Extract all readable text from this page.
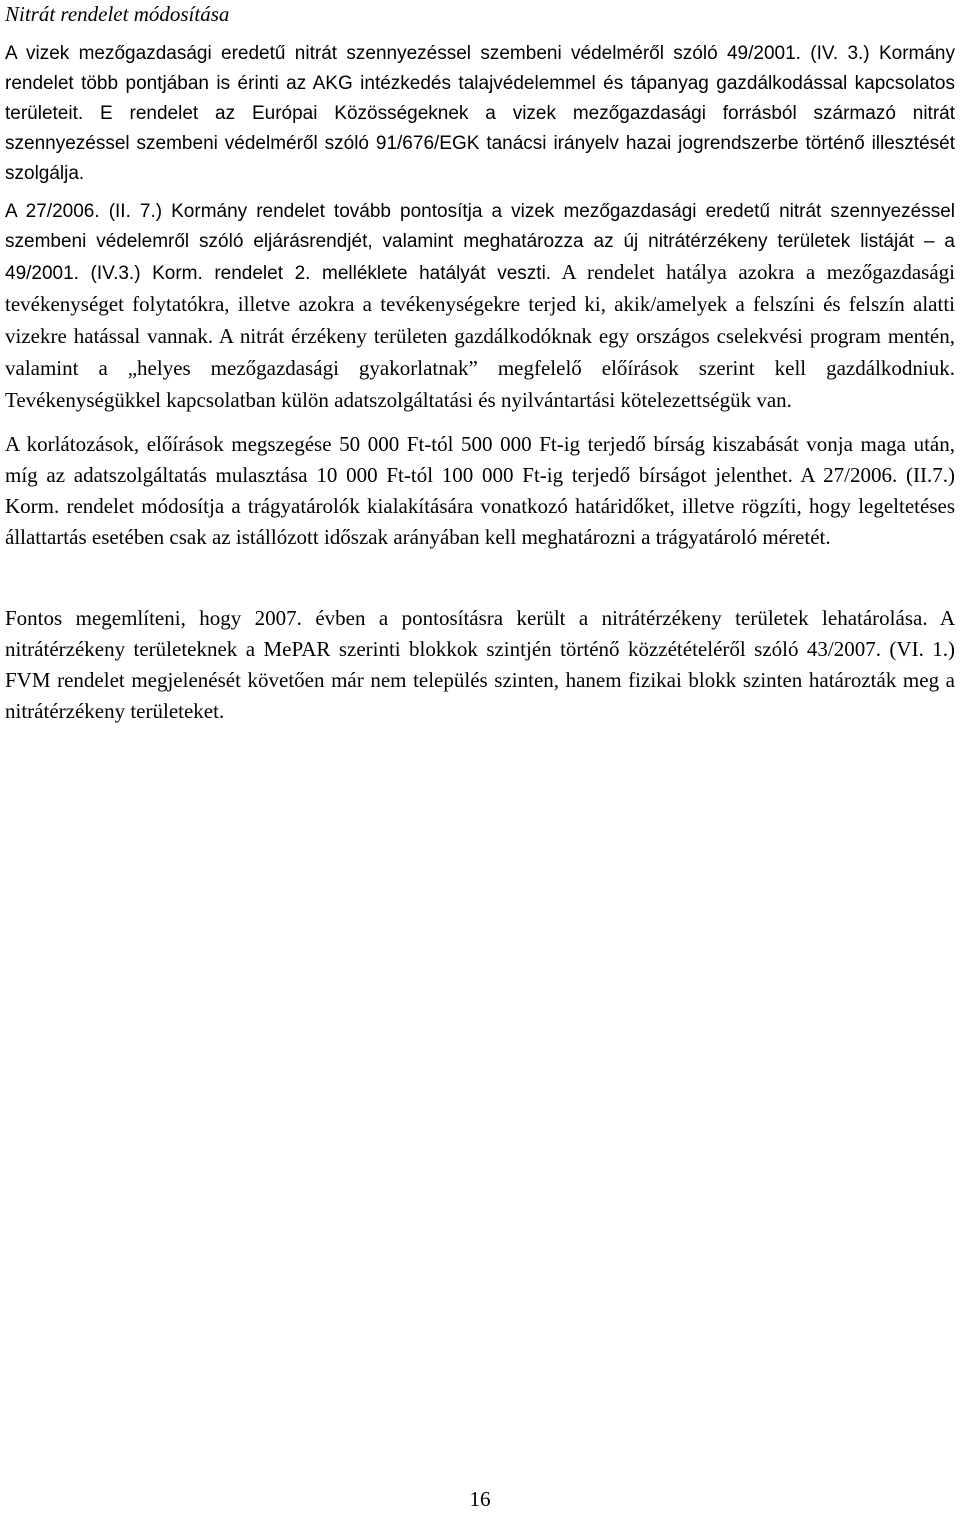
Nitrát rendelet módosítása

A vizek mezőgazdasági eredetű nitrát szennyezéssel szembeni védelméről szóló 49/2001. (IV. 3.) Kormány rendelet több pontjában is érinti az AKG intézkedés talajvédelemmel és tápanyag gazdálkodással kapcsolatos területeit. E rendelet az Európai Közösségeknek a vizek mezőgazdasági forrásból származó nitrát szennyezéssel szembeni védelméről szóló 91/676/EGK tanácsi irányelv hazai jogrendszerbe történő illesztését szolgálja.

A 27/2006. (II. 7.) Kormány rendelet tovább pontosítja a vizek mezőgazdasági eredetű nitrát szennyezéssel szembeni védelemről szóló eljárásrendjét, valamint meghatározza az új nitrátérzékeny területek listáját – a 49/2001. (IV.3.) Korm. rendelet 2. melléklete hatályát veszti. A rendelet hatálya azokra a mezőgazdasági tevékenységet folytatókra, illetve azokra a tevékenységekre terjed ki, akik/amelyek a felszíni és felszín alatti vizekre hatással vannak. A nitrát érzékeny területen gazdálkodóknak egy országos cselekvési program mentén, valamint a „helyes mezőgazdasági gyakorlatnak” megfelelő előírások szerint kell gazdálkodniuk. Tevékenységükkel kapcsolatban külön adatszolgáltatási és nyilvántartási kötelezettségük van.

A korlátozások, előírások megszegése 50 000 Ft-tól 500 000 Ft-ig terjedő bírság kiszabását vonja maga után, míg az adatszolgáltatás mulasztása 10 000 Ft-tól 100 000 Ft-ig terjedő bírságot jelenthet. A 27/2006. (II.7.) Korm. rendelet módosítja a trágyatárolók kialakítására vonatkozó határidőket, illetve rögzíti, hogy legeltetéses állattartás esetében csak az istállózott időszak arányában kell meghatározni a trágyatároló méretét.

Fontos megemlíteni, hogy 2007. évben a pontosításra került a nitrátérzékeny területek lehatárolása. A nitrátérzékeny területeknek a MePAR szerinti blokkok szintjén történő közzétételéről szóló 43/2007. (VI. 1.) FVM rendelet megjelenését követően már nem település szinten, hanem fizikai blokk szinten határozták meg a nitrátérzékeny területeket.

16
